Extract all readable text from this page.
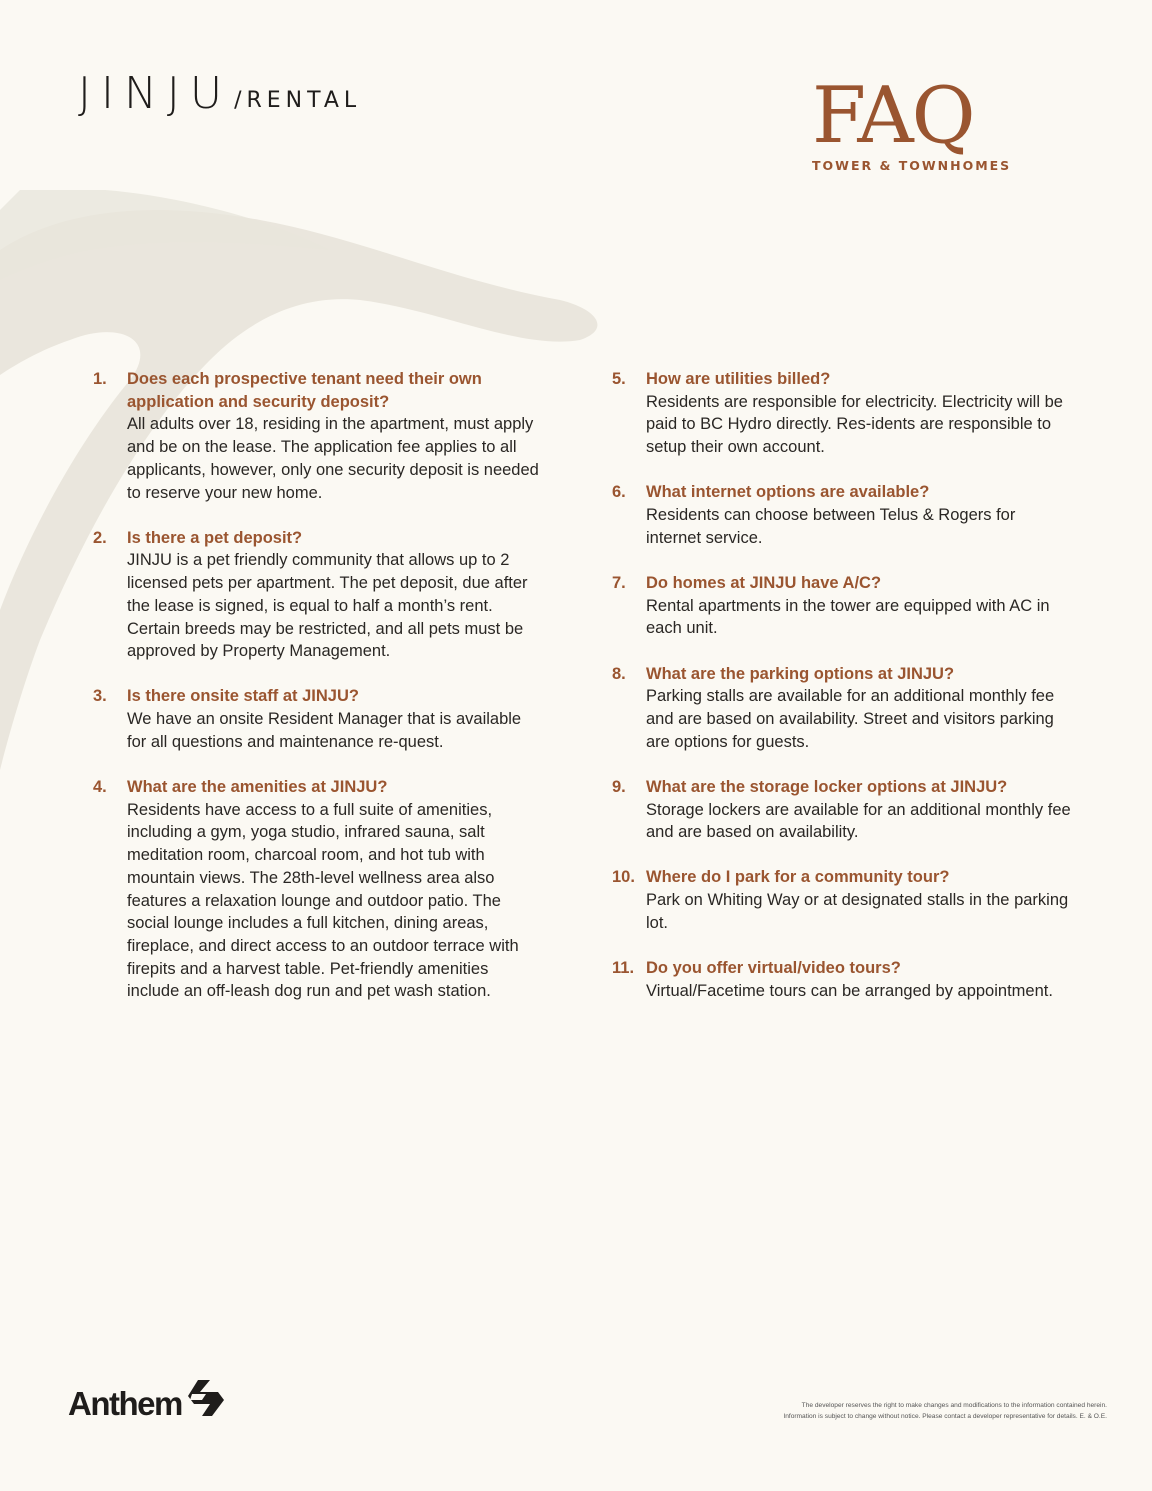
JINJU /RENTAL	FAQ
TOWER & TOWNHOMES
1. Does each prospective tenant need their own application and security deposit?
All adults over 18, residing in the apartment, must apply and be on the lease. The application fee applies to all applicants, however, only one security deposit is needed to reserve your new home.
2. Is there a pet deposit?
JINJU is a pet friendly community that allows up to 2 licensed pets per apartment. The pet deposit, due after the lease is signed, is equal to half a month’s rent. Certain breeds may be restricted, and all pets must be approved by Property Management.
3. Is there onsite staff at JINJU?
We have an onsite Resident Manager that is available for all questions and maintenance re-quest.
4. What are the amenities at JINJU?
Residents have access to a full suite of amenities, including a gym, yoga studio, infrared sauna, salt meditation room, charcoal room, and hot tub with mountain views. The 28th-level wellness area also features a relaxation lounge and outdoor patio. The social lounge includes a full kitchen, dining areas, fireplace, and direct access to an outdoor terrace with firepits and a harvest table. Pet-friendly amenities include an off-leash dog run and pet wash station.
5. How are utilities billed?
Residents are responsible for electricity. Electricity will be paid to BC Hydro directly. Res-idents are responsible to setup their own account.
6. What internet options are available?
Residents can choose between Telus & Rogers for internet service.
7. Do homes at JINJU have A/C?
Rental apartments in the tower are equipped with AC in each unit.
8. What are the parking options at JINJU?
Parking stalls are available for an additional monthly fee and are based on availability. Street and visitors parking are options for guests.
9. What are the storage locker options at JINJU?
Storage lockers are available for an additional monthly fee and are based on availability.
10. Where do I park for a community tour?
Park on Whiting Way or at designated stalls in the parking lot.
11. Do you offer virtual/video tours?
Virtual/Facetime tours can be arranged by appointment.
Anthem	The developer reserves the right to make changes and modifications to the information contained herein.
Information is subject to change without notice. Please contact a developer representative for details. E. & O.E.
